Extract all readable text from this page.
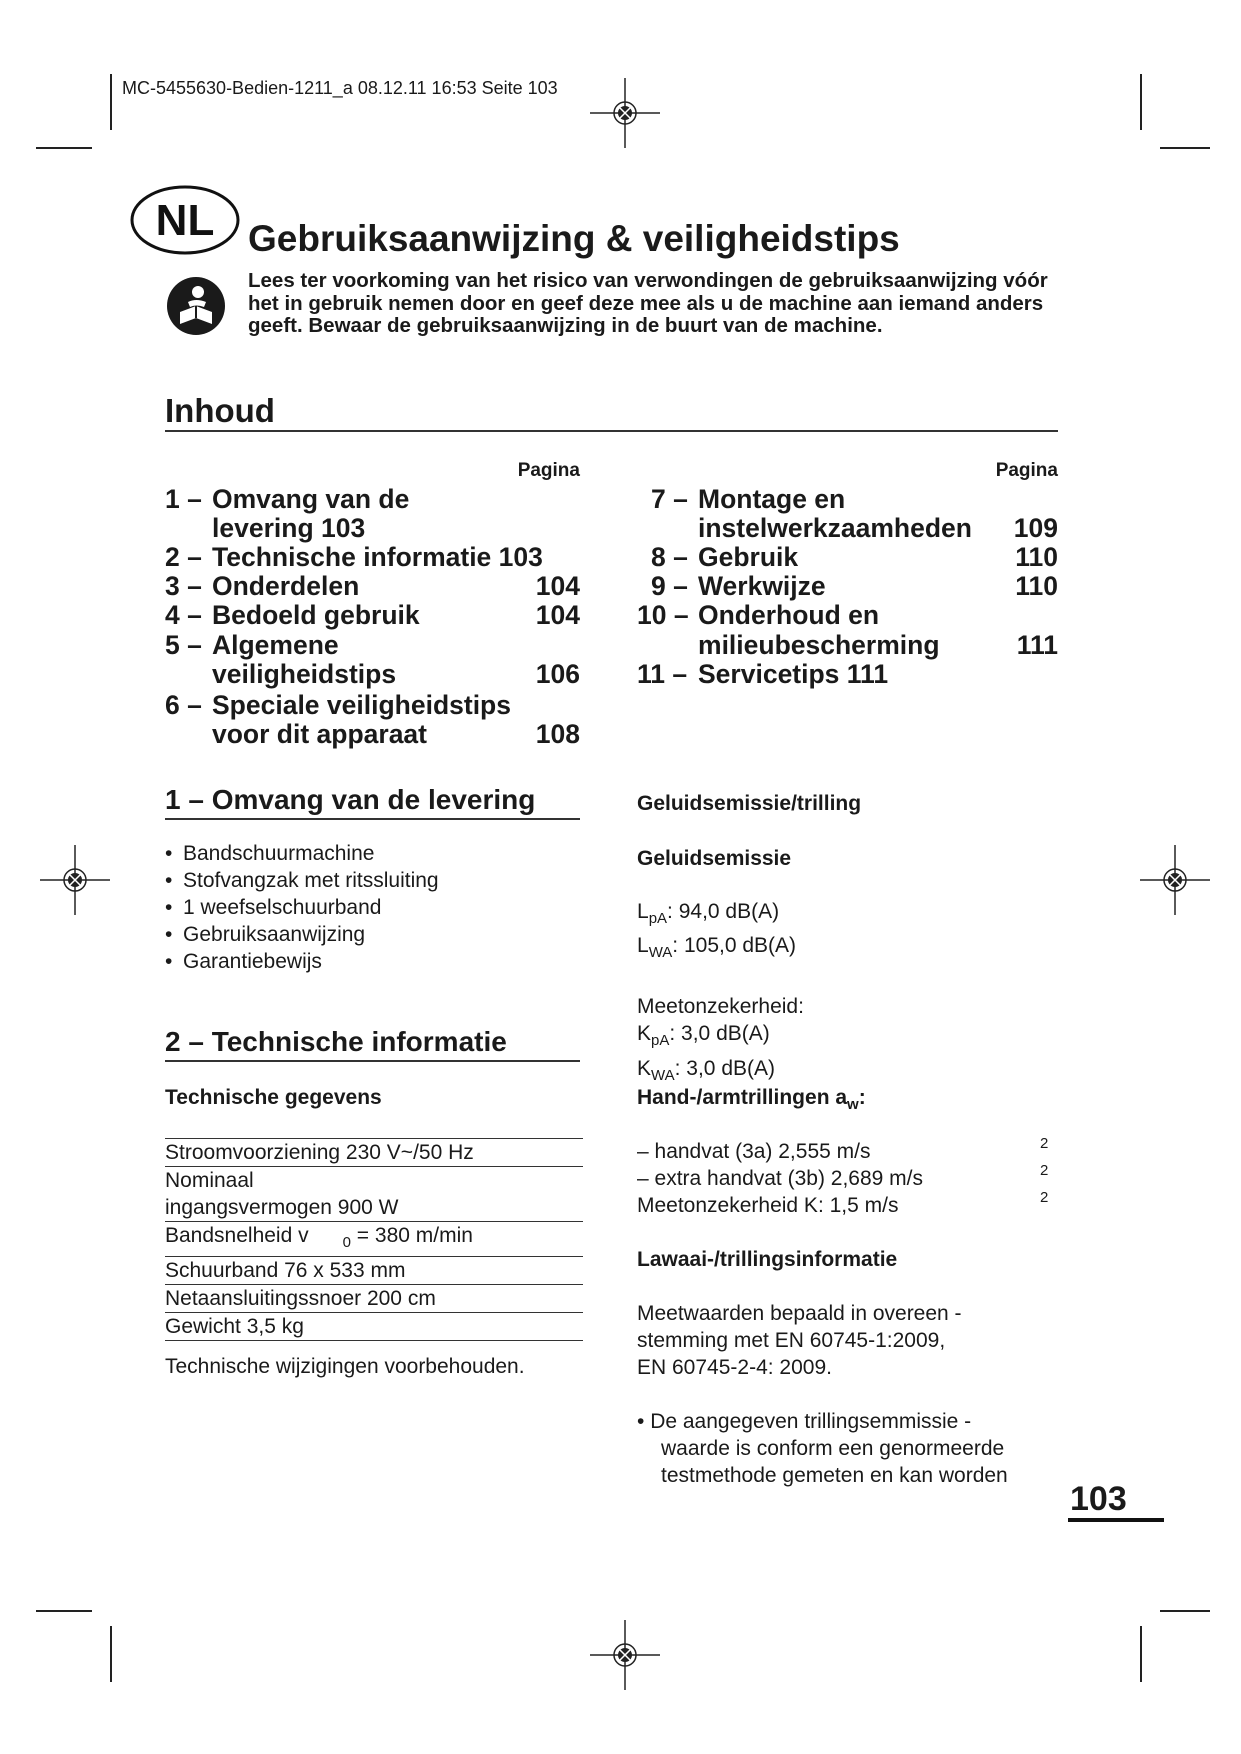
MC-5455630-Bedien-1211_a 08.12.11 16:53 Seite 103
NL Gebruiksaanwijzing & veiligheidstips
Lees ter voorkoming van het risico van verwondingen de gebruiksaanwijzing vóór het in gebruik nemen door en geef deze mee als u de machine aan iemand anders geeft. Bewaar de gebruiksaanwijzing in de buurt van de machine.
Inhoud
Pagina	Pagina
1 – Omvang van de
levering 103
2 – Technische informatie 103
3 – Onderdelen	104
4 – Bedoeld gebruik	104
5 – Algemene
veiligheidstips	106
6 – Speciale veiligheidstips
voor dit apparaat	108
7 – Montage en
instelwerkzaamheden 109
8 – Gebruik	110
9 – Werkwijze	110
10 – Onderhoud en
milieubescherming	111
11 – Servicetips 111
1 – Omvang van de levering
• Bandschuurmachine
• Stofvangzak met ritssluiting
• 1 weefselschuurband
• Gebruiksaanwijzing
• Garantiebewijs
2 – Technische informatie
Technische gegevens
Stroomvoorziening 230 V~/50 Hz

Nominaal
ingangsvermogen 900 W

Bandsnelheid v $_0$ = 380 m/min
Schuurband 76 x 533 mm
Netaansluitingssnoer 200 cm
Gewicht 3,5 kg
Technische wijzigingen voorbehouden.
Geluidsemissie/trilling
Geluidsemissie
$L_{pA}$: 94,0 dB(A)
$L_{WA}$: 105,0 dB(A)
Meetonzekerheid:
$K_{pA}$: 3,0 dB(A)
$K_{WA}$: 3,0 dB(A)
Hand-/armtrillingen $a_w$:
– handvat (3a) 2,555 m/s	2
– extra handvat (3b) 2,689 m/s	2
Meetonzekerheid K: 1,5 m/s	2
Lawaai-/trillingsinformatie
Meetwaarden bepaald in overeen -
stemming met EN 60745-1:2009,
EN 60745-2-4: 2009.
• De aangegeven trillingsemmissie -
waarde is conform een genormeerde
testmethode gemeten en kan worden
103
